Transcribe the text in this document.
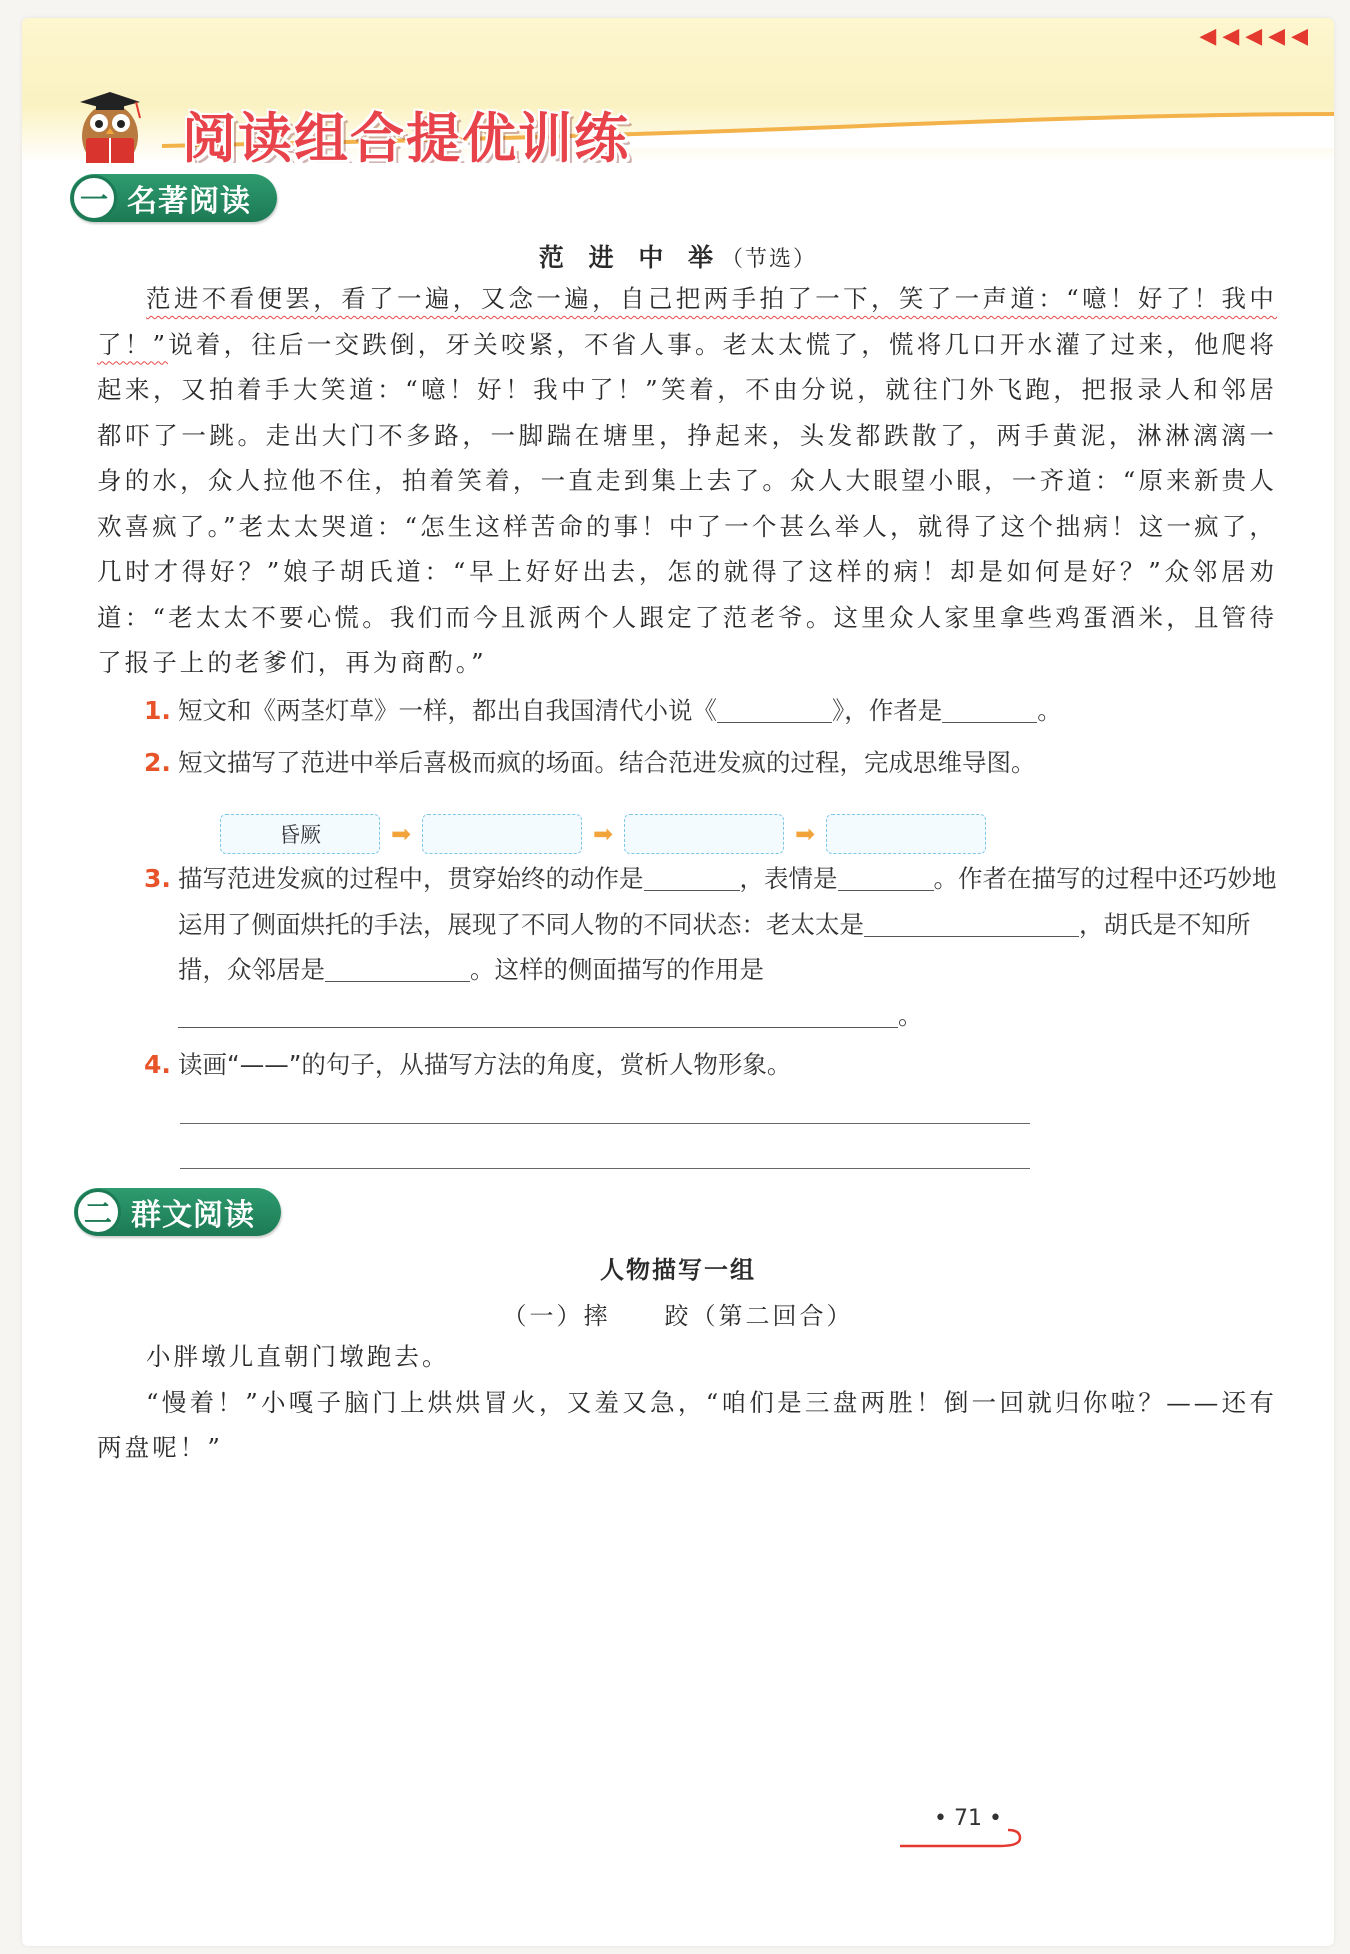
◀ ◀ ◀ ◀ ◀
阅读组合提优训练
一 名著阅读
范 进 中 举（节选）

范进不看便罢，看了一遍，又念一遍，自己把两手拍了一下，笑了一声道：“噫！好了！我中了！”说着，往后一交跌倒，牙关咬紧，不省人事。老太太慌了，慌将几口开水灌了过来，他爬将起来，又拍着手大笑道：“噫！好！我中了！”笑着，不由分说，就往门外飞跑，把报录人和邻居都吓了一跳。走出大门不多路，一脚踹在塘里，挣起来，头发都跌散了，两手黄泥，淋淋漓漓一身的水，众人拉他不住，拍着笑着，一直走到集上去了。众人大眼望小眼，一齐道：“原来新贵人欢喜疯了。”老太太哭道：“怎生这样苦命的事！中了一个甚么举人，就得了这个拙病！这一疯了，几时才得好？”娘子胡氏道：“早上好好出去，怎的就得了这样的病！却是如何是好？”众邻居劝道：“老太太不要心慌。我们而今且派两个人跟定了范老爷。这里众人家里拿些鸡蛋酒米，且管待了报子上的老爹们，再为商酌。”

1. 短文和《两茎灯草》一样，都出自我国清代小说《	》，作者是	。
2. 短文描写了范进中举后喜极而疯的场面。结合范进发疯的过程，完成思维导图。
昏厥	➡	➡	➡
3. 描写范进发疯的过程中，贯穿始终的动作是	，表情是	。作者在描写的过程中还巧妙地运用了侧面烘托的手法，展现了不同人物的不同状态：老太太是	，胡氏是不知所措，众邻居是	。这样的侧面描写的作用是。
4. 读画“——”的句子，从描写方法的角度，赏析人物形象。
二 群文阅读
人物描写一组
（一）摔　　跤（第二回合）

小胖墩儿直朝门墩跑去。

“慢着！”小嘎子脑门上烘烘冒火，又羞又急，“咱们是三盘两胜！倒一回就归你啦？——还有两盘呢！”

• 71 •
